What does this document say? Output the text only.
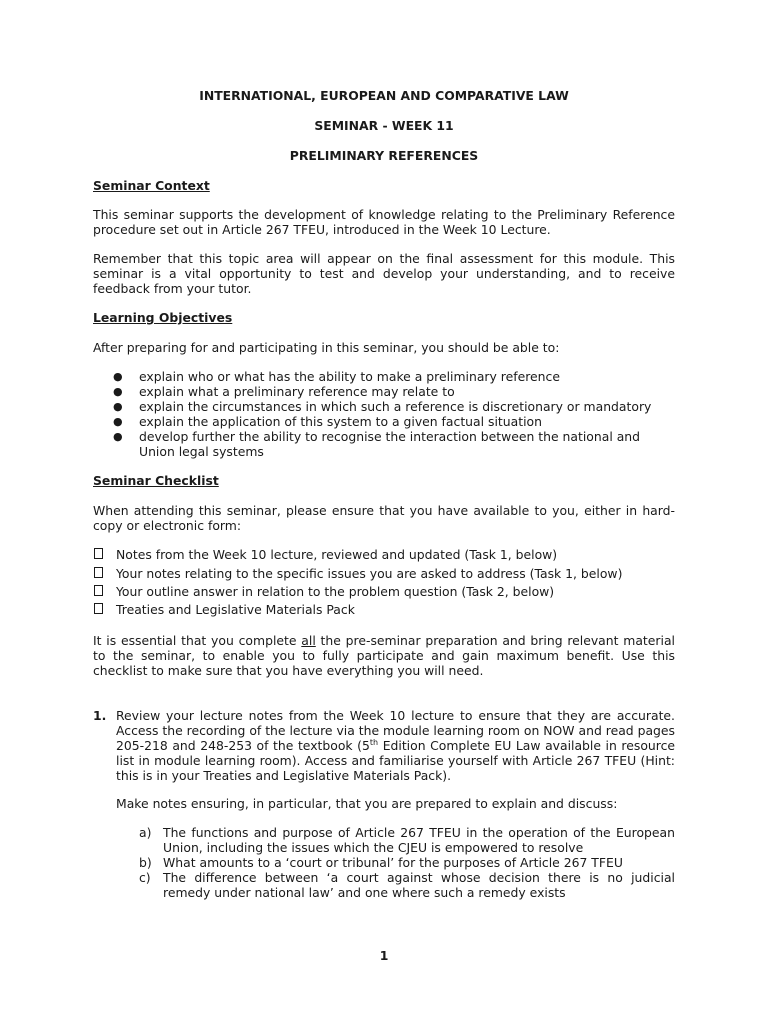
INTERNATIONAL, EUROPEAN AND COMPARATIVE LAW
SEMINAR - WEEK 11
PRELIMINARY REFERENCES
Seminar Context
This seminar supports the development of knowledge relating to the Preliminary Reference procedure set out in Article 267 TFEU, introduced in the Week 10 Lecture.
Remember that this topic area will appear on the final assessment for this module. This seminar is a vital opportunity to test and develop your understanding, and to receive feedback from your tutor.
Learning Objectives
After preparing for and participating in this seminar, you should be able to:
● explain who or what has the ability to make a preliminary reference
● explain what a preliminary reference may relate to
● explain the circumstances in which such a reference is discretionary or mandatory
● explain the application of this system to a given factual situation
● develop further the ability to recognise the interaction between the national and Union legal systems
Seminar Checklist
When attending this seminar, please ensure that you have available to you, either in hard-copy or electronic form:
Notes from the Week 10 lecture, reviewed and updated (Task 1, below)
Your notes relating to the specific issues you are asked to address (Task 1, below)
Your outline answer in relation to the problem question (Task 2, below)
Treaties and Legislative Materials Pack
It is essential that you complete all the pre-seminar preparation and bring relevant material to the seminar, to enable you to fully participate and gain maximum benefit. Use this checklist to make sure that you have everything you will need.
1. Review your lecture notes from the Week 10 lecture to ensure that they are accurate. Access the recording of the lecture via the module learning room on NOW and read pages 205-218 and 248-253 of the textbook (5th Edition Complete EU Law available in resource list in module learning room). Access and familiarise yourself with Article 267 TFEU (Hint: this is in your Treaties and Legislative Materials Pack).
Make notes ensuring, in particular, that you are prepared to explain and discuss:
a) The functions and purpose of Article 267 TFEU in the operation of the European Union, including the issues which the CJEU is empowered to resolve
b) What amounts to a ‘court or tribunal’ for the purposes of Article 267 TFEU
c) The difference between ‘a court against whose decision there is no judicial remedy under national law’ and one where such a remedy exists
1
